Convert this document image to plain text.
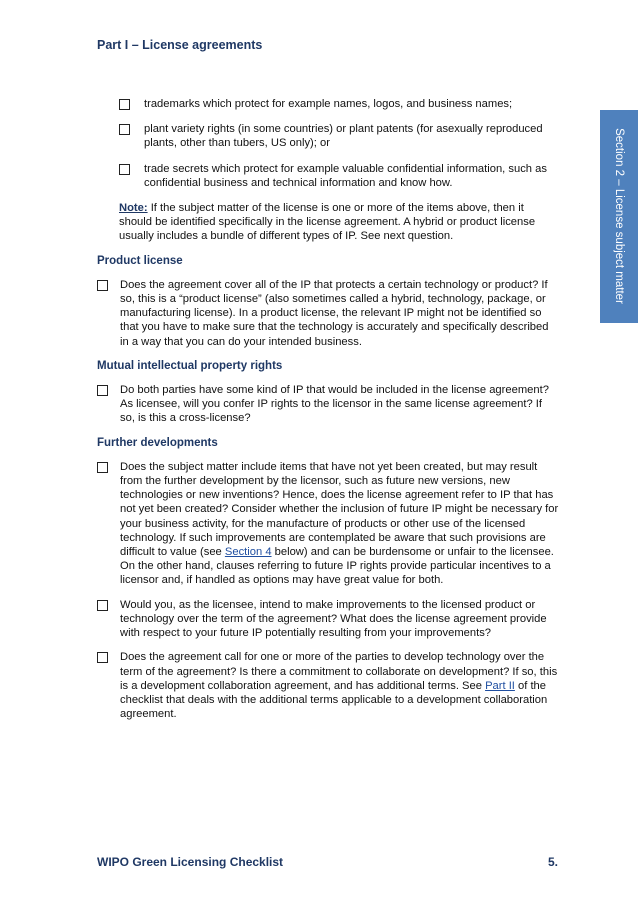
Part I – License agreements
Section 2 – License subject matter
trademarks which protect for example names, logos, and business names;
plant variety rights (in some countries) or plant patents (for asexually reproduced plants, other than tubers, US only); or
trade secrets which protect for example valuable confidential information, such as confidential business and technical information and know how.
Note: If the subject matter of the license is one or more of the items above, then it should be identified specifically in the license agreement. A hybrid or product license usually includes a bundle of different types of IP. See next question.
Product license
Does the agreement cover all of the IP that protects a certain technology or product? If so, this is a “product license” (also sometimes called a hybrid, technology, package, or manufacturing license). In a product license, the relevant IP might not be identified so that you have to make sure that the technology is accurately and specifically described in a way that you can do your intended business.
Mutual intellectual property rights
Do both parties have some kind of IP that would be included in the license agreement? As licensee, will you confer IP rights to the licensor in the same license agreement? If so, is this a cross-license?
Further developments
Does the subject matter include items that have not yet been created, but may result from the further development by the licensor, such as future new versions, new technologies or new inventions? Hence, does the license agreement refer to IP that has not yet been created? Consider whether the inclusion of future IP might be necessary for your business activity, for the manufacture of products or other use of the licensed technology. If such improvements are contemplated be aware that such provisions are difficult to value (see Section 4 below) and can be burdensome or unfair to the licensee. On the other hand, clauses referring to future IP rights provide particular incentives to a licensor and, if handled as options may have great value for both.
Would you, as the licensee, intend to make improvements to the licensed product or technology over the term of the agreement? What does the license agreement provide with respect to your future IP potentially resulting from your improvements?
Does the agreement call for one or more of the parties to develop technology over the term of the agreement? Is there a commitment to collaborate on development? If so, this is a development collaboration agreement, and has additional terms. See Part II of the checklist that deals with the additional terms applicable to a development collaboration agreement.
WIPO Green Licensing Checklist	5.
